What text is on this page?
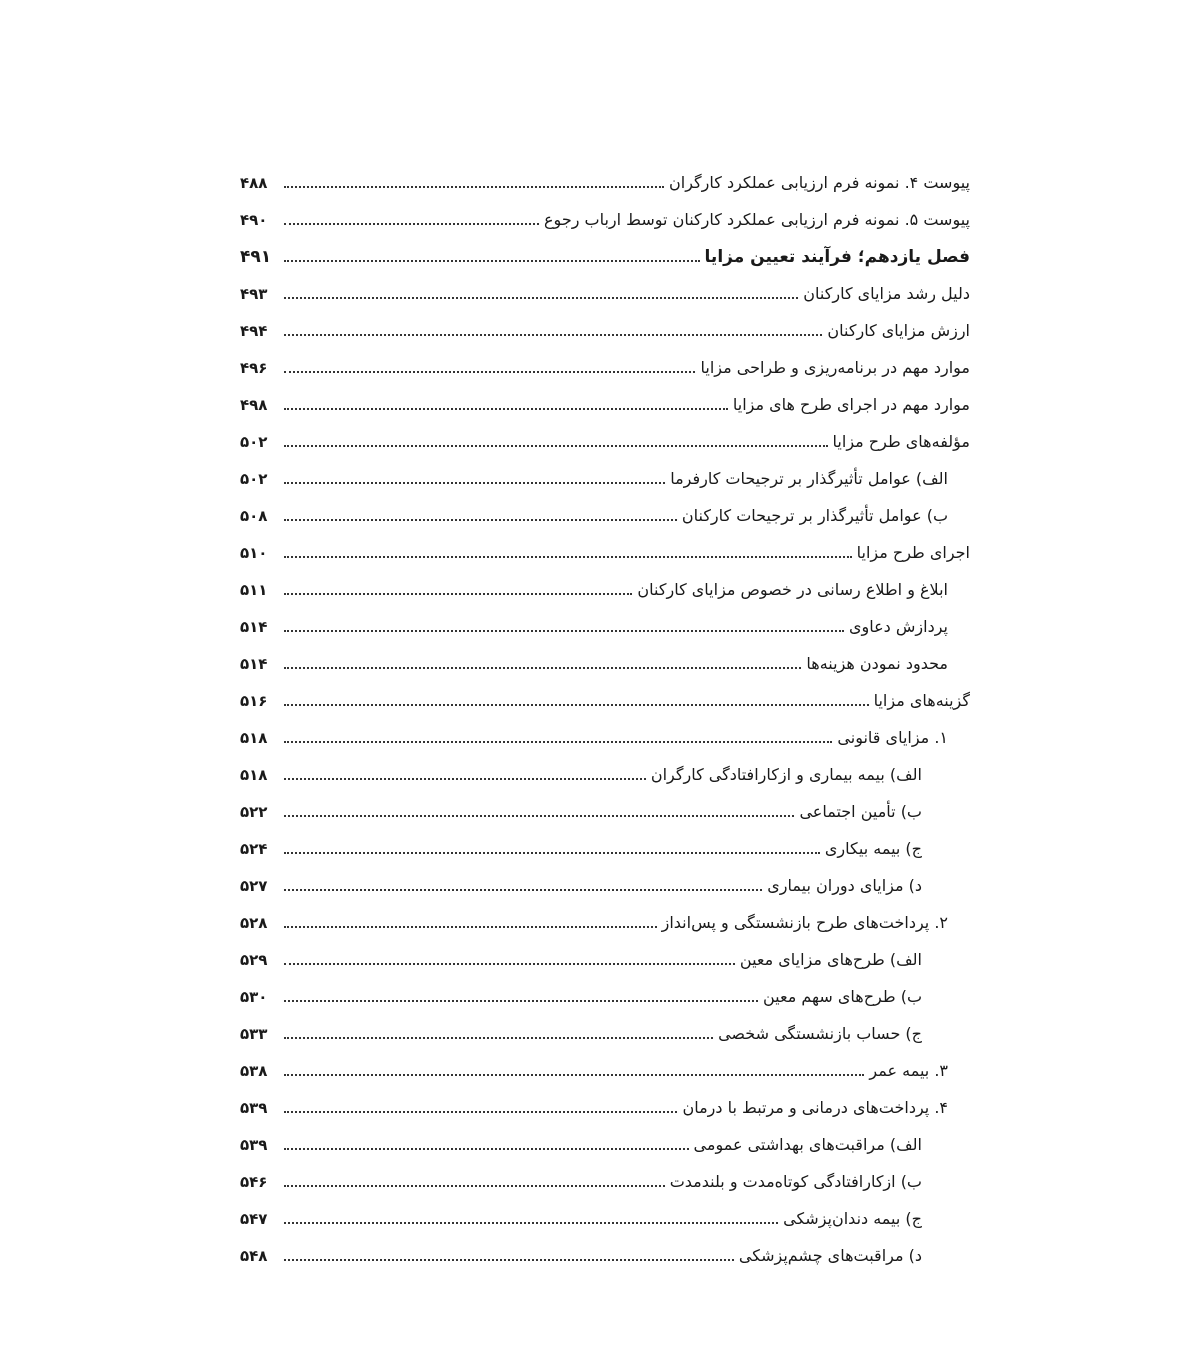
پیوست ۴. نمونه فرم ارزیابی عملکرد کارگران
۴۸۸
پیوست ۵. نمونه فرم ارزیابی عملکرد کارکنان توسط ارباب رجوع
۴۹۰
فصل یازدهم؛ فرآیند تعیین مزایا
۴۹۱
دلیل رشد مزایای کارکنان
۴۹۳
ارزش مزایای کارکنان
۴۹۴
موارد مهم در برنامه‌ریزی و طراحی مزایا
۴۹۶
موارد مهم در اجرای طرح های مزایا
۴۹۸
مؤلفه‌های طرح مزایا
۵۰۲
الف) عوامل تأثیرگذار بر ترجیحات کارفرما
۵۰۲
ب) عوامل تأثیرگذار بر ترجیحات کارکنان
۵۰۸
اجرای طرح مزایا
۵۱۰
ابلاغ و اطلاع رسانی در خصوص مزایای کارکنان
۵۱۱
پردازش دعاوی
۵۱۴
محدود نمودن هزینه‌ها
۵۱۴
گزینه‌های مزایا
۵۱۶
۱. مزایای قانونی
۵۱۸
الف) بیمه بیماری و ازکارافتادگی کارگران
۵۱۸
ب) تأمین اجتماعی
۵۲۲
ج) بیمه بیکاری
۵۲۴
د) مزایای دوران بیماری
۵۲۷
۲. پرداخت‌های طرح بازنشستگی و پس‌انداز
۵۲۸
الف) طرح‌های مزایای معین
۵۲۹
ب) طرح‌های سهم معین
۵۳۰
ج) حساب بازنشستگی شخصی
۵۳۳
۳. بیمه عمر
۵۳۸
۴. پرداخت‌های درمانی و مرتبط با درمان
۵۳۹
الف) مراقبت‌های بهداشتی عمومی
۵۳۹
ب) ازکارافتادگی کوتاه‌مدت و بلندمدت
۵۴۶
ج) بیمه دندان‌پزشکی
۵۴۷
د) مراقبت‌های چشم‌پزشکی
۵۴۸
